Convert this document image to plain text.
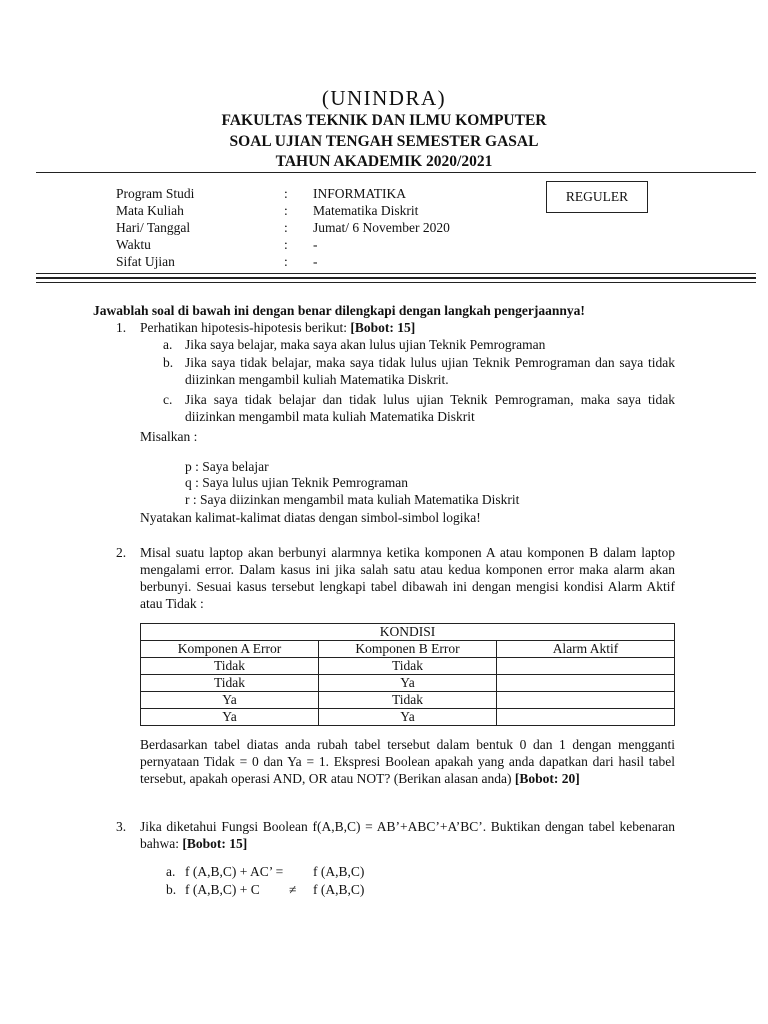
(UNINDRA)
FAKULTAS TEKNIK DAN ILMU KOMPUTER
SOAL UJIAN TENGAH SEMESTER GASAL
TAHUN AKADEMIK 2020/2021
Program Studi	: INFORMATIKA
Mata Kuliah	: Matematika Diskrit
Hari/ Tanggal	: Jumat/ 6 November 2020
Waktu	: -
Sifat Ujian	: -
REGULER
Jawablah soal di bawah ini dengan benar dilengkapi dengan langkah pengerjaannya!
1. Perhatikan hipotesis-hipotesis berikut: [Bobot: 15]
a. Jika saya belajar, maka saya akan lulus ujian Teknik Pemrograman
b. Jika saya tidak belajar, maka saya tidak lulus ujian Teknik Pemrograman dan saya tidak diizinkan mengambil kuliah Matematika Diskrit.
c. Jika saya tidak belajar dan tidak lulus ujian Teknik Pemrograman, maka saya tidak diizinkan mengambil mata kuliah Matematika Diskrit
Misalkan :
p : Saya belajar
q : Saya lulus ujian Teknik Pemrograman
r : Saya diizinkan mengambil mata kuliah Matematika Diskrit
Nyatakan kalimat-kalimat diatas dengan simbol-simbol logika!
2. Misal suatu laptop akan berbunyi alarmnya ketika komponen A atau komponen B dalam laptop mengalami error. Dalam kasus ini jika salah satu atau kedua komponen error maka alarm akan berbunyi. Sesuai kasus tersebut lengkapi tabel dibawah ini dengan mengisi kondisi Alarm Aktif atau Tidak :
KONDISI		
Komponen A Error	Komponen B Error	Alarm Aktif
Tidak	Tidak	
Tidak	Ya	
Ya	Tidak	
Ya	Ya	
Berdasarkan tabel diatas anda rubah tabel tersebut dalam bentuk 0 dan 1 dengan mengganti pernyataan Tidak = 0 dan Ya = 1. Ekspresi Boolean apakah yang anda dapatkan dari hasil tabel tersebut, apakah operasi AND, OR atau NOT? (Berikan alasan anda) [Bobot: 20]
3. Jika diketahui Fungsi Boolean f(A,B,C) = AB’+ABC’+A’BC’. Buktikan dengan tabel kebenaran bahwa: [Bobot: 15]
a. f (A,B,C) + AC’ = f (A,B,C)
b. f (A,B,C) + C ≠ f (A,B,C)
